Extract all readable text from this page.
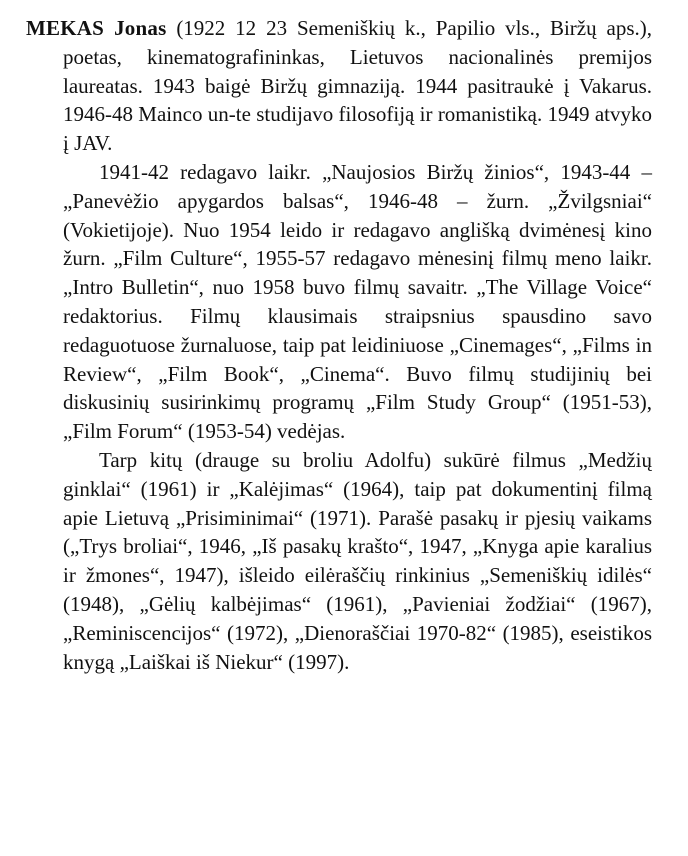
MEKAS Jonas (1922 12 23 Semeniškių k., Papilio vls., Biržų aps.), poetas, kinematografininkas, Lietuvos nacionalinės premijos laureatas. 1943 baigė Biržų gimnaziją. 1944 pasitraukė į Vakarus. 1946-48 Mainco un-te studijavo filosofiją ir romanistiką. 1949 atvyko į JAV.

1941-42 redagavo laikr. „Naujosios Biržų žinios“, 1943-44 – „Panevėžio apygardos balsas“, 1946-48 – žurn. „Žvilgsniai“ (Vokietijoje). Nuo 1954 leido ir redagavo anglišką dvimėnesį kino žurn. „Film Culture“, 1955-57 redagavo mėnesinį filmų meno laikr. „Intro Bulletin“, nuo 1958 buvo filmų savaitr. „The Village Voice“ redaktorius. Filmų klausimais straipsnius spausdino savo redaguotuose žurnaluose, taip pat leidiniuose „Cinemages“, „Films in Review“, „Film Book“, „Cinema“. Buvo filmų studijinių bei diskusinių susirinkimų programų „Film Study Group“ (1951-53), „Film Forum“ (1953-54) vedėjas.

Tarp kitų (drauge su broliu Adolfu) sukūrė filmus „Medžių ginklai“ (1961) ir „Kalėjimas“ (1964), taip pat dokumentinį filmą apie Lietuvą „Prisiminimai“ (1971). Parašė pasakų ir pjesių vaikams („Trys broliai“, 1946, „Iš pasakų krašto“, 1947, „Knyga apie karalius ir žmones“, 1947), išleido eilėraščių rinkinius „Semeniškių idilės“ (1948), „Gėlių kalbėjimas“ (1961), „Pavieniai žodžiai“ (1967), „Reminiscencijos“ (1972), „Dienoraščiai 1970-82“ (1985), eseistikos knygą „Laiškai iš Niekur“ (1997).
